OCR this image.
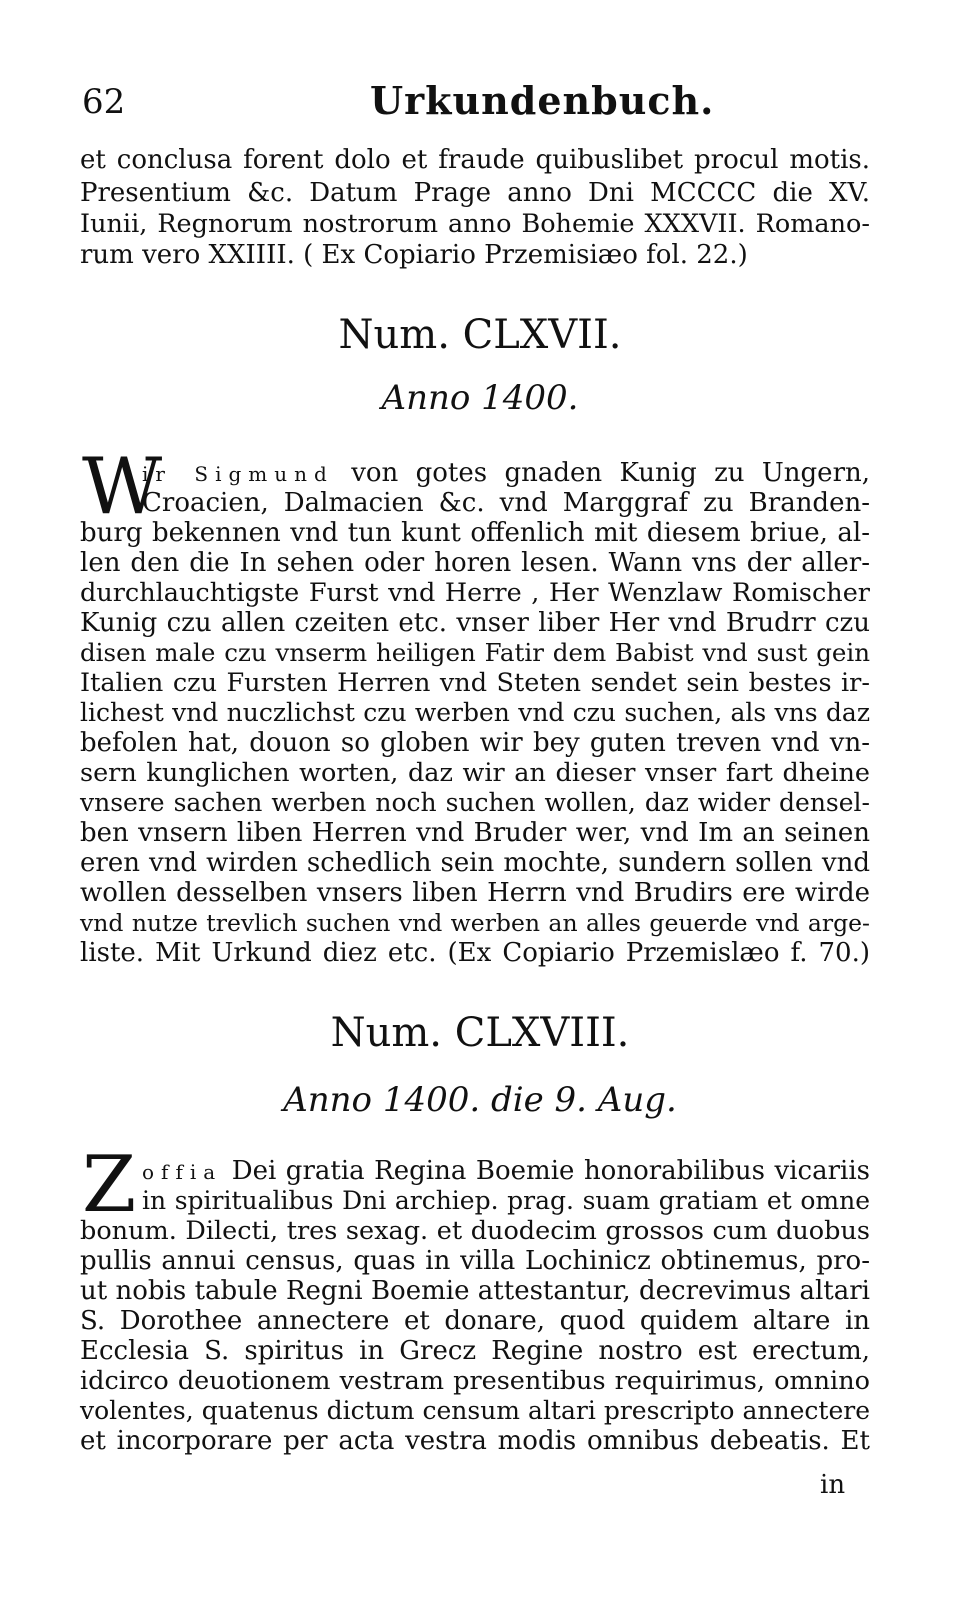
62	Urkundenbuch.
et conclusa forent dolo et fraude quibuslibet procul motis.
Presentium &c. Datum Prage anno Dni MCCCC die XV.
Iunii, Regnorum nostrorum anno Bohemie XXXVII. Romano-
rum vero XXIIII. ( Ex Copiario Przemisiæo fol. 22.)
Num. CLXVII.
Anno 1400.
W
ir Sigmund von gotes gnaden Kunig zu Ungern,
Croacien, Dalmacien &c. vnd Marggraf zu Branden-
burg bekennen vnd tun kunt offenlich mit diesem briue, al-
len den die In sehen oder horen lesen. Wann vns der aller-
durchlauchtigste Furst vnd Herre , Her Wenzlaw Romischer
Kunig czu allen czeiten etc. vnser liber Her vnd Brudrr czu
disen male czu vnserm heiligen Fatir dem Babist vnd sust gein
Italien czu Fursten Herren vnd Steten sendet sein bestes ir-
lichest vnd nuczlichst czu werben vnd czu suchen, als vns daz
befolen hat, douon so globen wir bey guten treven vnd vn-
sern kunglichen worten, daz wir an dieser vnser fart dheine
vnsere sachen werben noch suchen wollen, daz wider densel-
ben vnsern liben Herren vnd Bruder wer, vnd Im an seinen
eren vnd wirden schedlich sein mochte, sundern sollen vnd
wollen desselben vnsers liben Herrn vnd Brudirs ere wirde
vnd nutze trevlich suchen vnd werben an alles geuerde vnd arge-
liste. Mit Urkund diez etc. (Ex Copiario Przemislæo f. 70.)
Num. CLXVIII.
Anno 1400. die 9. Aug.
Z offia Dei gratia Regina Boemie honorabilibus vicariis
in spiritualibus Dni archiep. prag. suam gratiam et omne
bonum. Dilecti, tres sexag. et duodecim grossos cum duobus
pullis annui census, quas in villa Lochinicz obtinemus, pro-
ut nobis tabule Regni Boemie attestantur, decrevimus altari
S. Dorothee annectere et donare, quod quidem altare in
Ecclesia S. spiritus in Grecz Regine nostro est erectum,
idcirco deuotionem vestram presentibus requirimus, omnino
volentes, quatenus dictum censum altari prescripto annectere
et incorporare per acta vestra modis omnibus debeatis. Et
in
